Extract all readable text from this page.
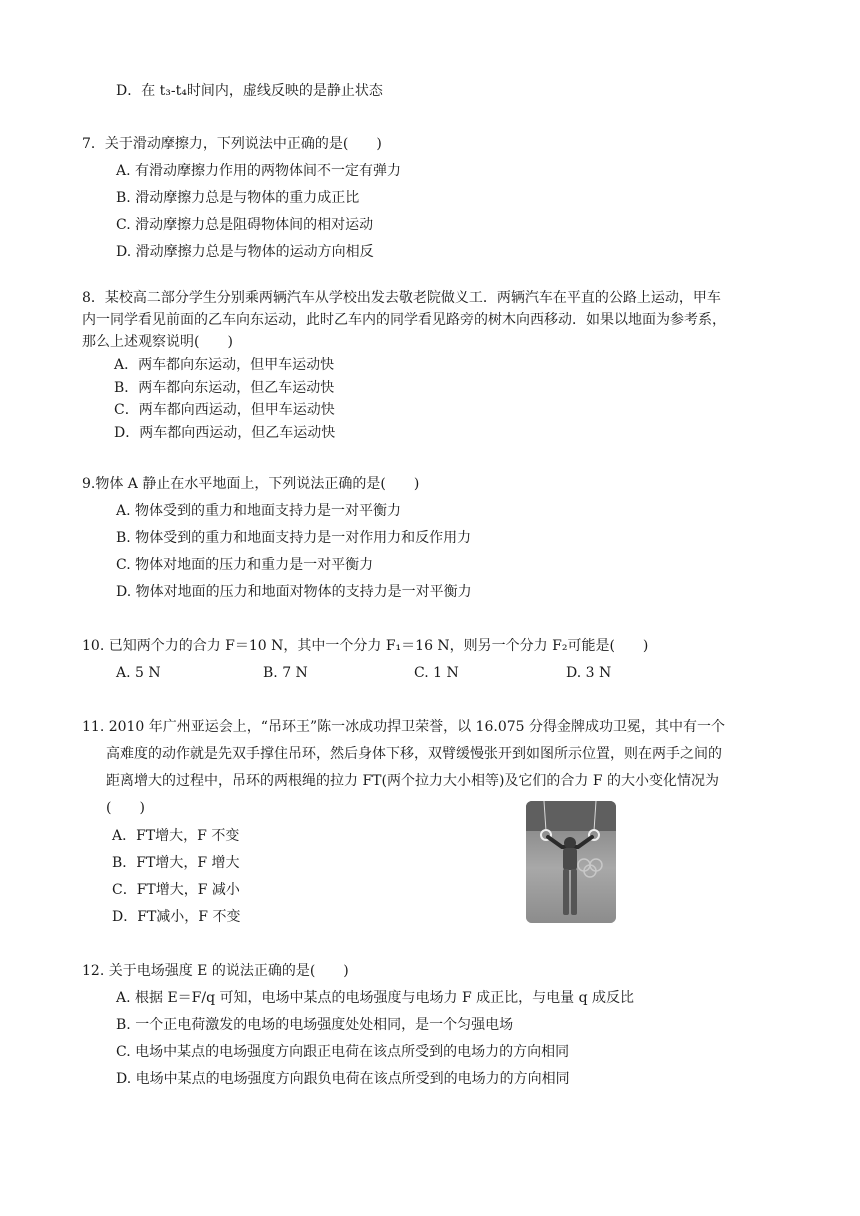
D．在 t₃-t₄时间内，虚线反映的是静止状态
7．关于滑动摩擦力，下列说法中正确的是(　　)
A. 有滑动摩擦力作用的两物体间不一定有弹力
B. 滑动摩擦力总是与物体的重力成正比
C. 滑动摩擦力总是阻碍物体间的相对运动
D. 滑动摩擦力总是与物体的运动方向相反
8．某校高二部分学生分别乘两辆汽车从学校出发去敬老院做义工．两辆汽车在平直的公路上运动，甲车
内一同学看见前面的乙车向东运动，此时乙车内的同学看见路旁的树木向西移动．如果以地面为参考系，
那么上述观察说明(　　)
A．两车都向东运动，但甲车运动快
B．两车都向东运动，但乙车运动快
C．两车都向西运动，但甲车运动快
D．两车都向西运动，但乙车运动快
9.物体 A 静止在水平地面上，下列说法正确的是(　　)
A. 物体受到的重力和地面支持力是一对平衡力
B. 物体受到的重力和地面支持力是一对作用力和反作用力
C. 物体对地面的压力和重力是一对平衡力
D. 物体对地面的压力和地面对物体的支持力是一对平衡力
10. 已知两个力的合力 F＝10 N，其中一个分力 F₁＝16 N，则另一个分力 F₂可能是(　　)
A. 5 N	B. 7 N	C. 1 N	D. 3 N
11. 2010 年广州亚运会上，“吊环王”陈一冰成功捍卫荣誉，以 16.075 分得金牌成功卫冕，其中有一个
高难度的动作就是先双手撑住吊环，然后身体下移，双臂缓慢张开到如图所示位置，则在两手之间的
距离增大的过程中，吊环的两根绳的拉力 FT(两个拉力大小相等)及它们的合力 F 的大小变化情况为
(　　)
A．FT增大，F 不变
B．FT增大，F 增大
C．FT增大，F 减小
D．FT减小，F 不变
12. 关于电场强度 E 的说法正确的是(　　)
A. 根据 E＝F/q 可知，电场中某点的电场强度与电场力 F 成正比，与电量 q 成反比
B. 一个正电荷激发的电场的电场强度处处相同，是一个匀强电场
C. 电场中某点的电场强度方向跟正电荷在该点所受到的电场力的方向相同
D. 电场中某点的电场强度方向跟负电荷在该点所受到的电场力的方向相同
